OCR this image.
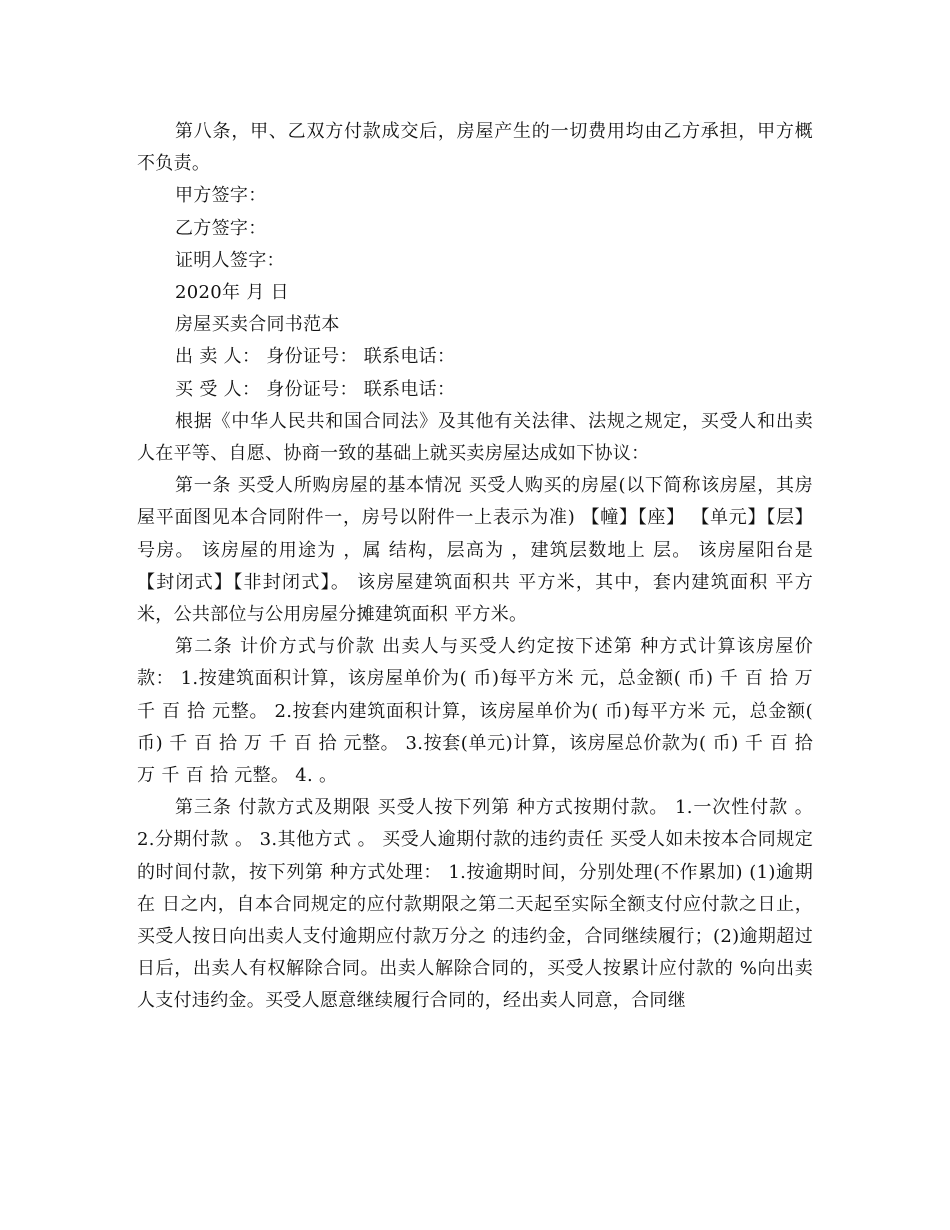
第八条，甲、乙双方付款成交后，房屋产生的一切费用均由乙方承担，甲方概不负责。

甲方签字：

乙方签字：

证明人签字：

2020年 月 日

房屋买卖合同书范本

出 卖 人： 身份证号： 联系电话：

买 受 人： 身份证号： 联系电话：

根据《中华人民共和国合同法》及其他有关法律、法规之规定，买受人和出卖人在平等、自愿、协商一致的基础上就买卖房屋达成如下协议：

第一条 买受人所购房屋的基本情况 买受人购买的房屋(以下简称该房屋，其房屋平面图见本合同附件一，房号以附件一上表示为准) 【幢】【座】 【单元】【层】 号房。 该房屋的用途为 ，属 结构，层高为 ，建筑层数地上 层。 该房屋阳台是【封闭式】【非封闭式】。 该房屋建筑面积共 平方米，其中，套内建筑面积 平方米，公共部位与公用房屋分摊建筑面积 平方米。

第二条 计价方式与价款 出卖人与买受人约定按下述第 种方式计算该房屋价款： 1.按建筑面积计算，该房屋单价为( 币)每平方米 元，总金额( 币) 千 百 拾 万 千 百 拾 元整。 2.按套内建筑面积计算，该房屋单价为( 币)每平方米 元，总金额( 币) 千 百 拾 万 千 百 拾 元整。 3.按套(单元)计算，该房屋总价款为( 币) 千 百 拾 万 千 百 拾 元整。 4. 。

第三条 付款方式及期限 买受人按下列第 种方式按期付款。 1.一次性付款 。 2.分期付款 。 3.其他方式 。 买受人逾期付款的违约责任 买受人如未按本合同规定的时间付款，按下列第 种方式处理： 1.按逾期时间，分别处理(不作累加) (1)逾期在 日之内，自本合同规定的应付款期限之第二天起至实际全额支付应付款之日止，买受人按日向出卖人支付逾期应付款万分之 的违约金，合同继续履行；(2)逾期超过 日后，出卖人有权解除合同。出卖人解除合同的，买受人按累计应付款的 %向出卖人支付违约金。买受人愿意继续履行合同的，经出卖人同意，合同继
